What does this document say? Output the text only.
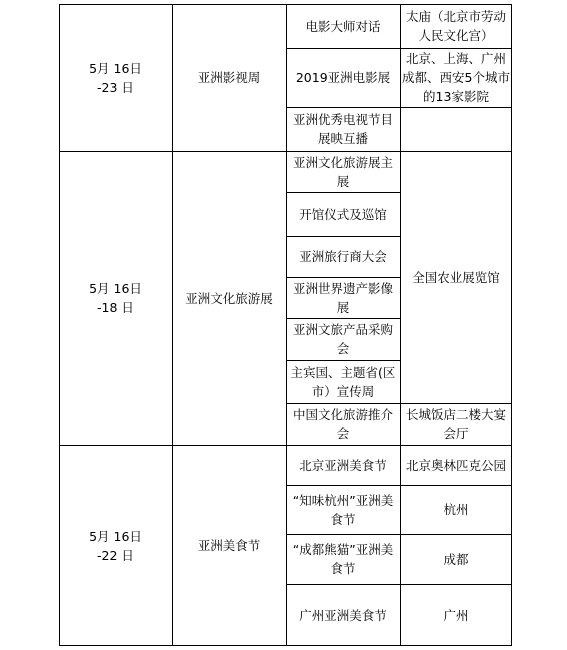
5月 16日
-23 日
亚洲影视周
电影大师对话
太庙（北京市劳动人民文化宫）
2019亚洲电影展
北京、上海、广州成都、西安5个城市的13家影院
亚洲优秀电视节目展映互播
5月 16日
-18 日
亚洲文化旅游展
亚洲文化旅游展主展
开馆仪式及巡馆
亚洲旅行商大会
亚洲世界遗产影像展
亚洲文旅产品采购会
主宾国、主题省(区市）宣传周
中国文化旅游推介会
全国农业展览馆
长城饭店二楼大宴会厅
5月 16日
-22 日
亚洲美食节
北京亚洲美食节	北京奥林匹克公园
“知味杭州”亚洲美食节
杭州
“成都熊猫”亚洲美食节
成都
广州亚洲美食节	广州
